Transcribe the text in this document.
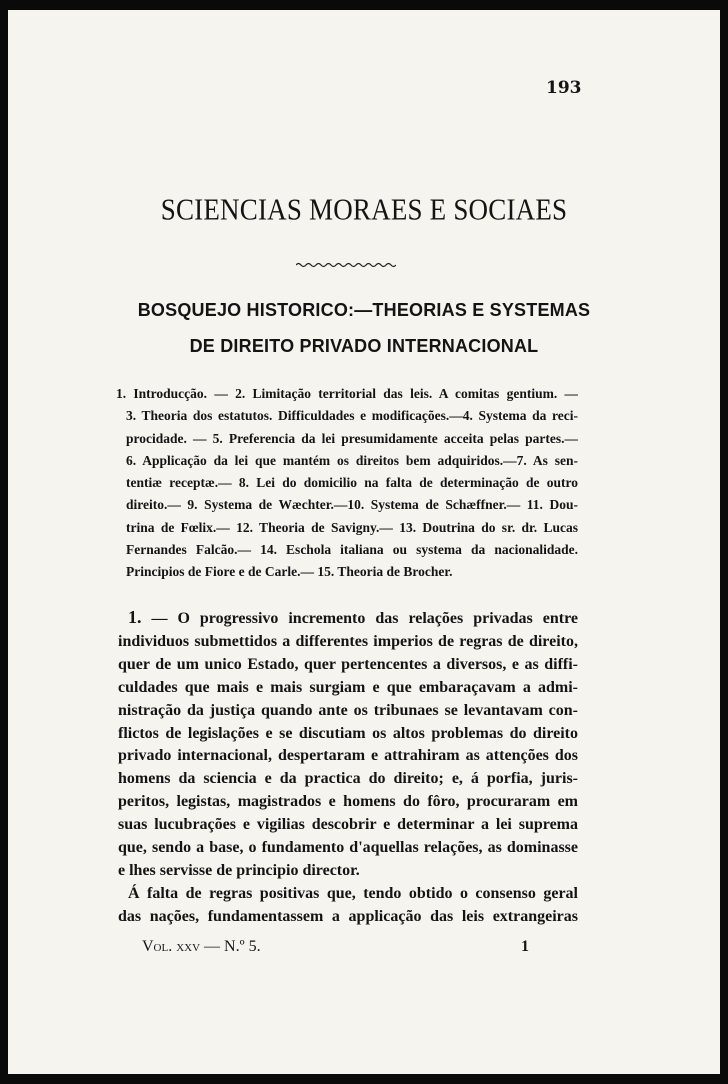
193
SCIENCIAS MORAES E SOCIAES
BOSQUEJO HISTORICO:—THEORIAS E SYSTEMAS
DE DIREITO PRIVADO INTERNACIONAL
1. Introducção. — 2. Limitação territorial das leis. A comitas gentium. —
3. Theoria dos estatutos. Difficuldades e modificações.—4. Systema da reci-
procidade. — 5. Preferencia da lei presumidamente acceita pelas partes.—
6. Applicação da lei que mantém os direitos bem adquiridos.—7. As sen-
tentiæ receptæ.— 8. Lei do domicilio na falta de determinação de outro
direito.— 9. Systema de Wæchter.—10. Systema de Schæffner.— 11. Dou-
trina de Fœlix.— 12. Theoria de Savigny.— 13. Doutrina do sr. dr. Lucas
Fernandes Falcão.— 14. Eschola italiana ou systema da nacionalidade.
Principios de Fiore e de Carle.— 15. Theoria de Brocher.
1. — O progressivo incremento das relações privadas entre
individuos submettidos a differentes imperios de regras de direito,
quer de um unico Estado, quer pertencentes a diversos, e as diffi-
culdades que mais e mais surgiam e que embaraçavam a admi-
nistração da justiça quando ante os tribunaes se levantavam con-
flictos de legislações e se discutiam os altos problemas do direito
privado internacional, despertaram e attrahiram as attenções dos
homens da sciencia e da practica do direito; e, á porfia, juris-
peritos, legistas, magistrados e homens do fôro, procuraram em
suas lucubrações e vigilias descobrir e determinar a lei suprema
que, sendo a base, o fundamento d'aquellas relações, as dominasse
e lhes servisse de principio director.
Á falta de regras positivas que, tendo obtido o consenso geral
das nações, fundamentassem a applicação das leis extrangeiras
Vol. xxv — N.º 5.	1
